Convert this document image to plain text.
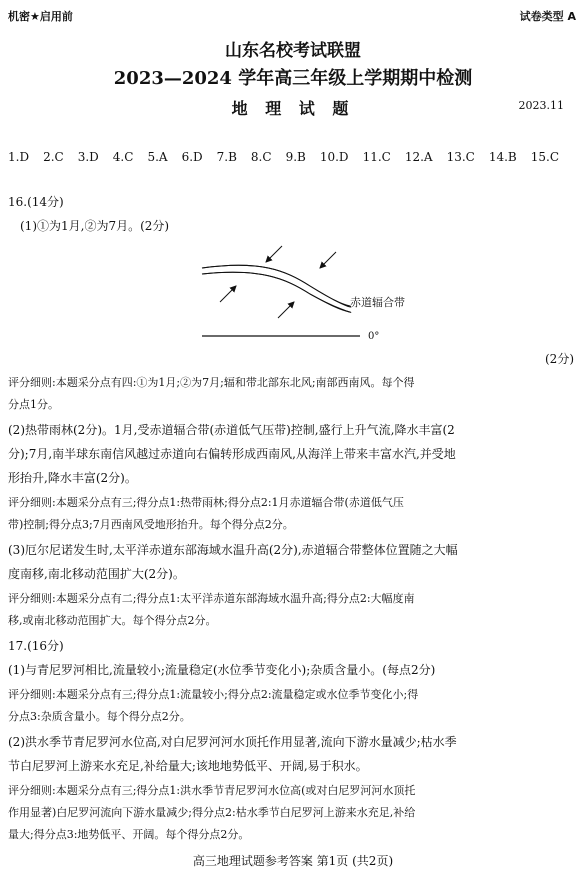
机密★启用前	试卷类型 A
山东名校考试联盟
2023—2024 学年高三年级上学期期中检测
地 理 试 题	2023.11
1.D 2.C 3.D 4.C 5.A 6.D 7.B 8.C 9.B 10.D 11.C 12.A 13.C 14.B 15.C
16.(14分)
(1)①为1月,②为7月。(2分)
赤道辐合带
0°
(2分)
评分细则:本题采分点有四:①为1月;②为7月;辐和带北部东北风;南部西南风。每个得
分点1分。
(2)热带雨林(2分)。1月,受赤道辐合带(赤道低气压带)控制,盛行上升气流,降水丰富(2
分);7月,南半球东南信风越过赤道向右偏转形成西南风,从海洋上带来丰富水汽,并受地
形抬升,降水丰富(2分)。
评分细则:本题采分点有三;得分点1:热带雨林;得分点2:1月赤道辐合带(赤道低气压
带)控制;得分点3;7月西南风受地形抬升。每个得分点2分。
(3)厄尔尼诺发生时,太平洋赤道东部海域水温升高(2分),赤道辐合带整体位置随之大幅
度南移,南北移动范围扩大(2分)。
评分细则:本题采分点有二;得分点1:太平洋赤道东部海域水温升高;得分点2:大幅度南
移,或南北移动范围扩大。每个得分点2分。
17.(16分)
(1)与青尼罗河相比,流量较小;流量稳定(水位季节变化小);杂质含量小。(每点2分)
评分细则:本题采分点有三;得分点1:流量较小;得分点2:流量稳定或水位季节变化小;得
分点3:杂质含量小。每个得分点2分。
(2)洪水季节青尼罗河水位高,对白尼罗河河水顶托作用显著,流向下游水量减少;枯水季
节白尼罗河上游来水充足,补给量大;该地地势低平、开阔,易于积水。
评分细则:本题采分点有三;得分点1:洪水季节青尼罗河水位高(或对白尼罗河河水顶托
作用显著)白尼罗河流向下游水量减少;得分点2:枯水季节白尼罗河上游来水充足,补给
量大;得分点3:地势低平、开阔。每个得分点2分。
高三地理试题参考答案 第1页 (共2页)
